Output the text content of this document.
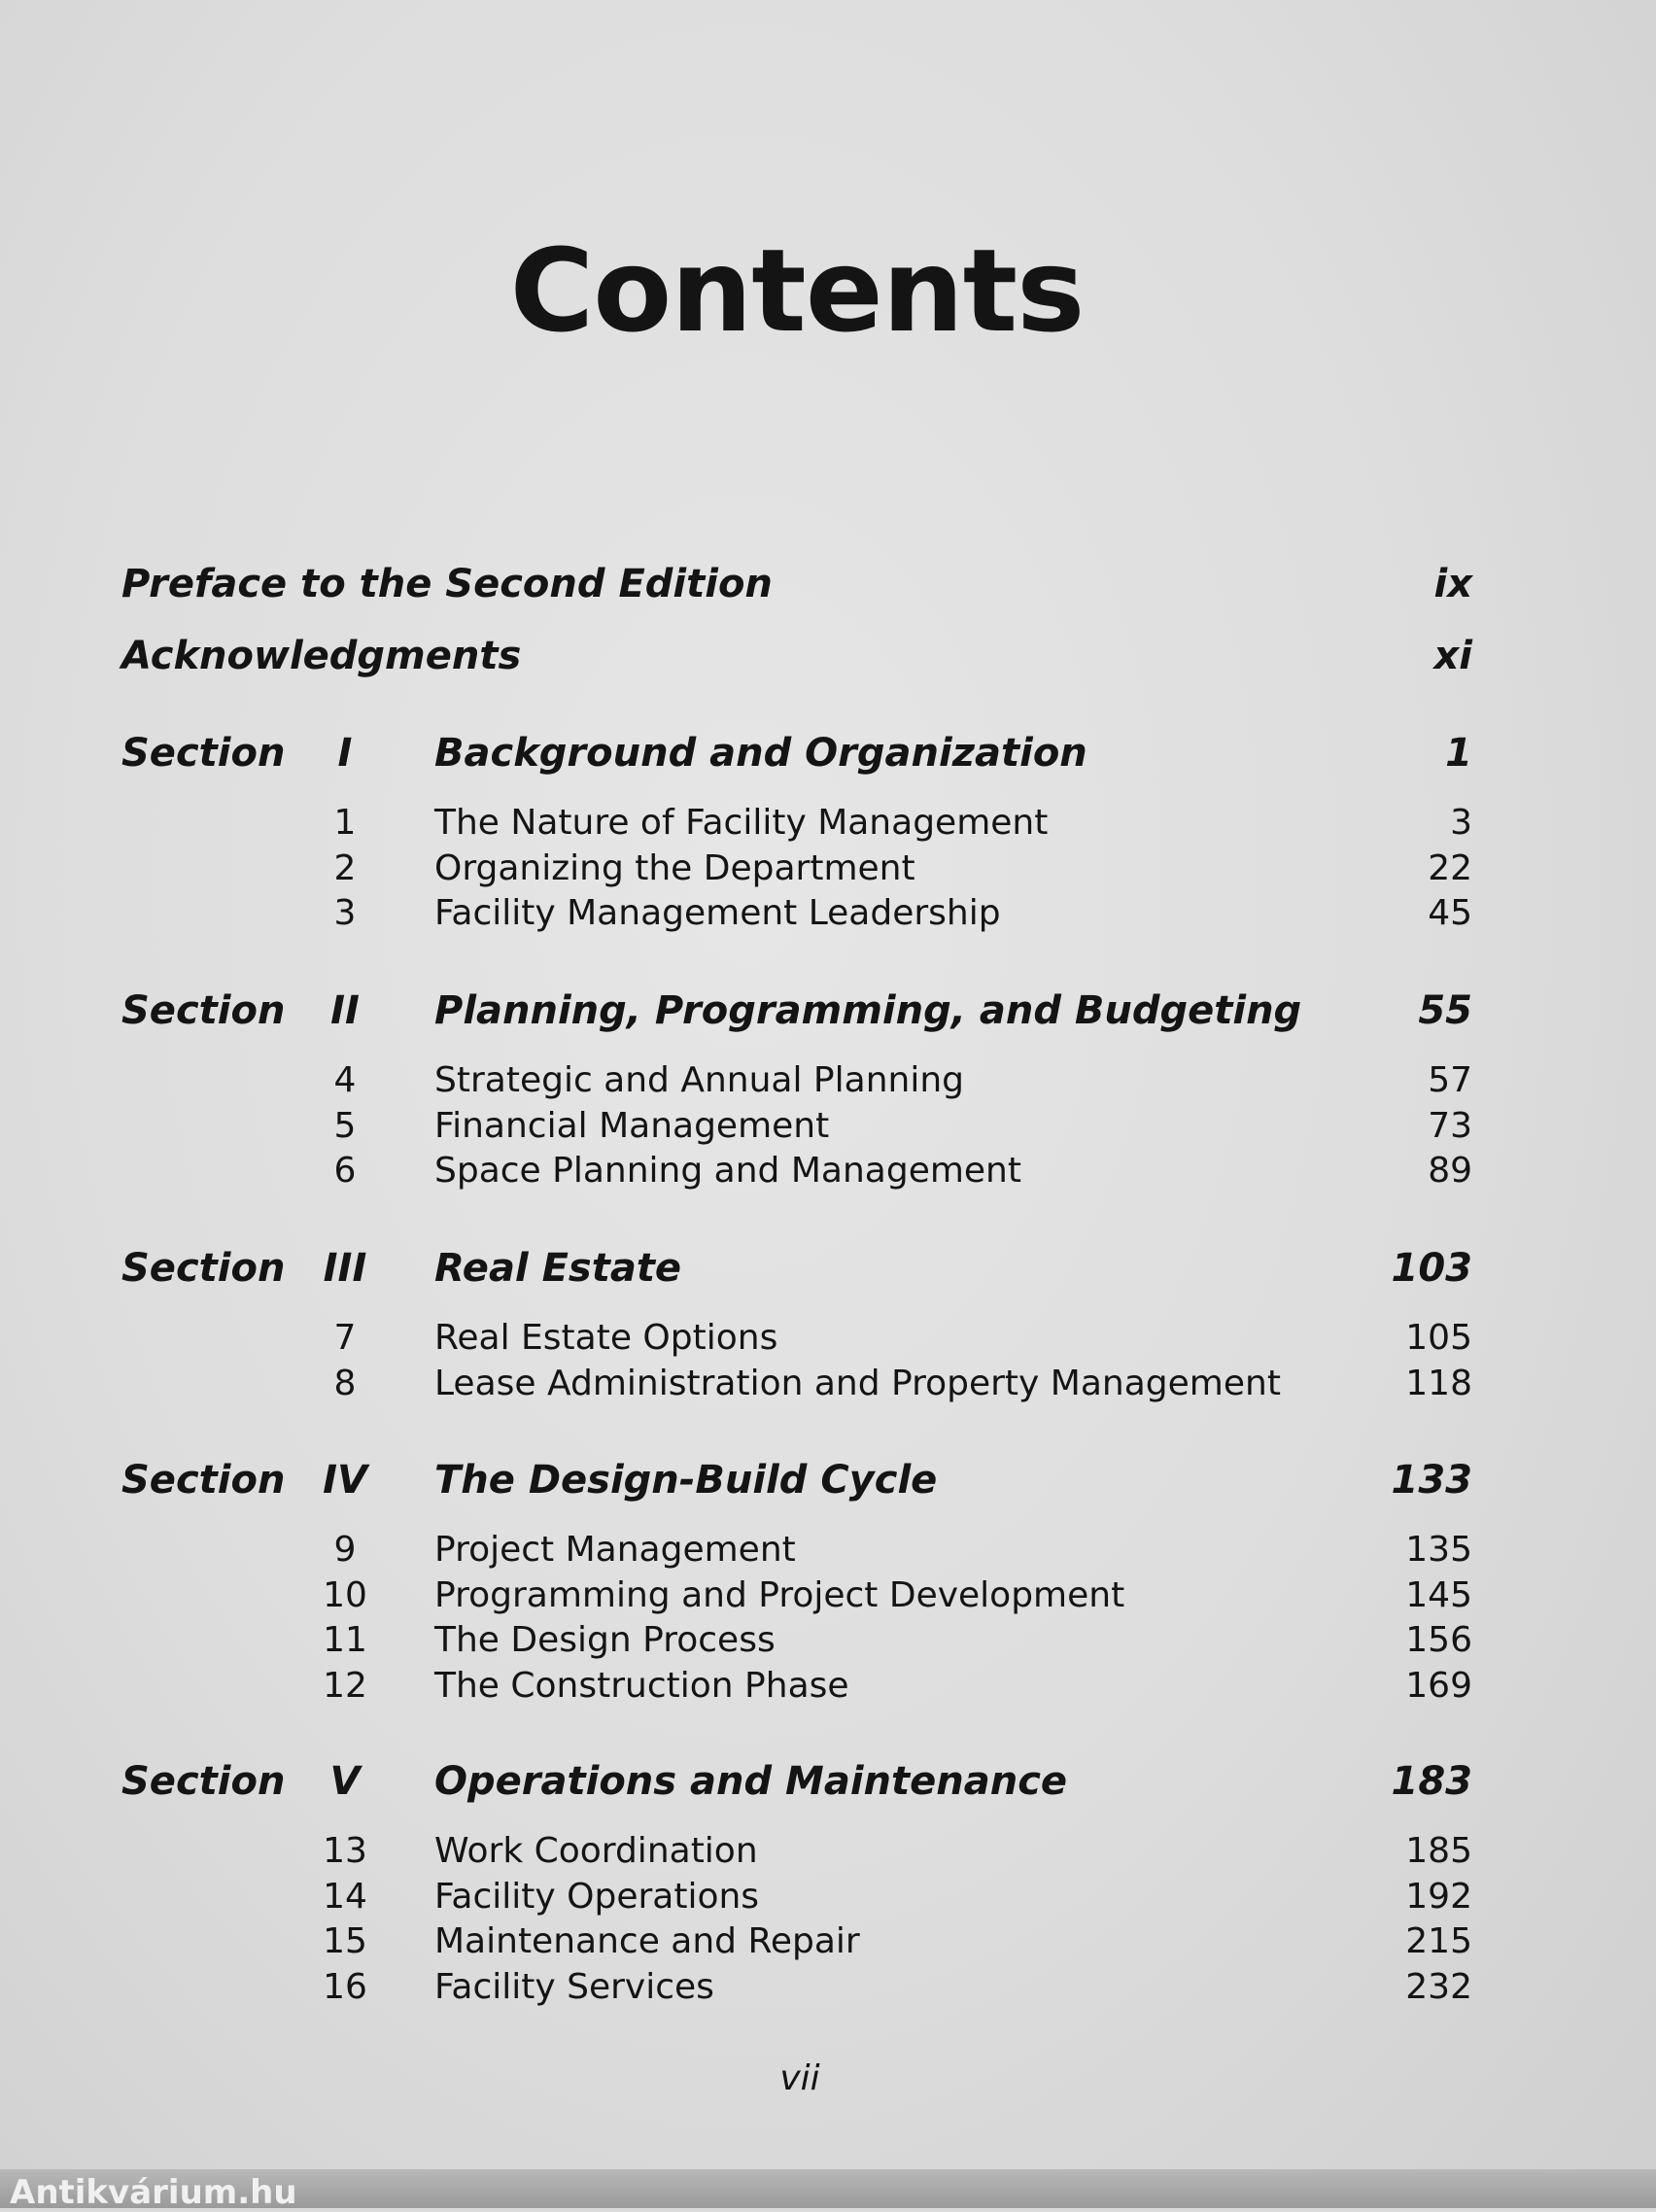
Contents
Preface to the Second Edition	ix
Acknowledgments	xi
Section	I	Background and Organization	1
1	The Nature of Facility Management	3
2	Organizing the Department	22
3	Facility Management Leadership	45
Section	II	Planning, Programming, and Budgeting	55
4	Strategic and Annual Planning	57
5	Financial Management	73
6	Space Planning and Management	89
Section III	Real Estate	103
7	Real Estate Options	105
8	Lease Administration and Property Management	118
Section IV	The Design-Build Cycle	133
9	Project Management	135
10	Programming and Project Development	145
11	The Design Process	156
12	The Construction Phase	169
Section	V	Operations and Maintenance	183
13	Work Coordination	185
14	Facility Operations	192
15	Maintenance and Repair	215
16	Facility Services	232
vii
Antikvárium.hu
